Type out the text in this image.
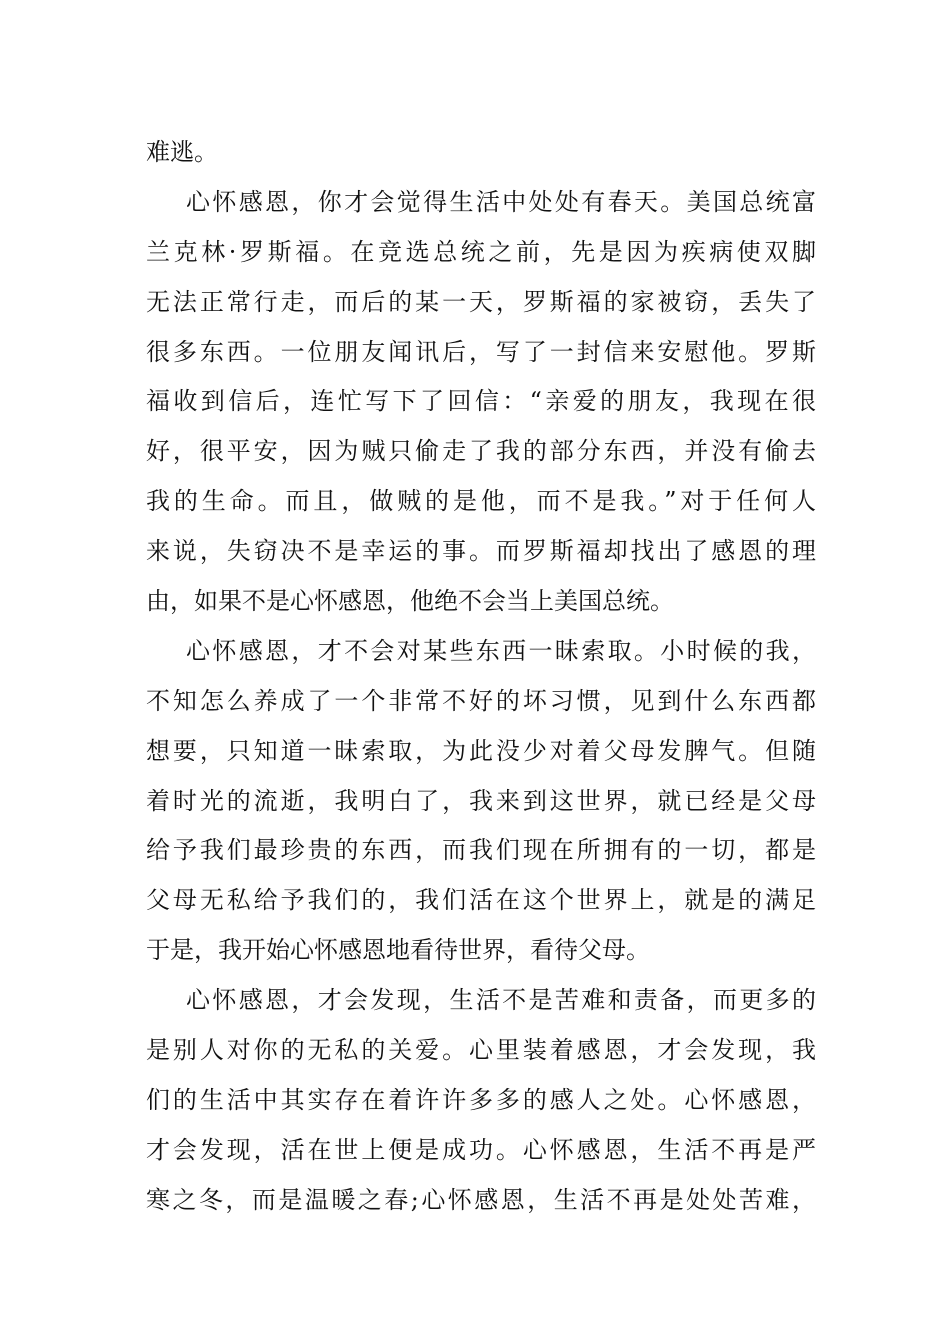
难逃。
心怀感恩，你才会觉得生活中处处有春天。美国总统富
兰克林·罗斯福。在竞选总统之前，先是因为疾病使双脚
无法正常行走，而后的某一天，罗斯福的家被窃，丢失了
很多东西。一位朋友闻讯后，写了一封信来安慰他。罗斯
福收到信后，连忙写下了回信：“亲爱的朋友，我现在很
好，很平安，因为贼只偷走了我的部分东西，并没有偷去
我的生命。而且，做贼的是他，而不是我。”对于任何人
来说，失窃决不是幸运的事。而罗斯福却找出了感恩的理
由，如果不是心怀感恩，他绝不会当上美国总统。
心怀感恩，才不会对某些东西一昧索取。小时候的我，
不知怎么养成了一个非常不好的坏习惯，见到什么东西都
想要，只知道一昧索取，为此没少对着父母发脾气。但随
着时光的流逝，我明白了，我来到这世界，就已经是父母
给予我们最珍贵的东西，而我们现在所拥有的一切，都是
父母无私给予我们的，我们活在这个世界上，就是的满足
于是，我开始心怀感恩地看待世界，看待父母。
心怀感恩，才会发现，生活不是苦难和责备，而更多的
是别人对你的无私的关爱。心里装着感恩，才会发现，我
们的生活中其实存在着许许多多的感人之处。心怀感恩，
才会发现，活在世上便是成功。心怀感恩，生活不再是严
寒之冬，而是温暖之春;心怀感恩，生活不再是处处苦难，
